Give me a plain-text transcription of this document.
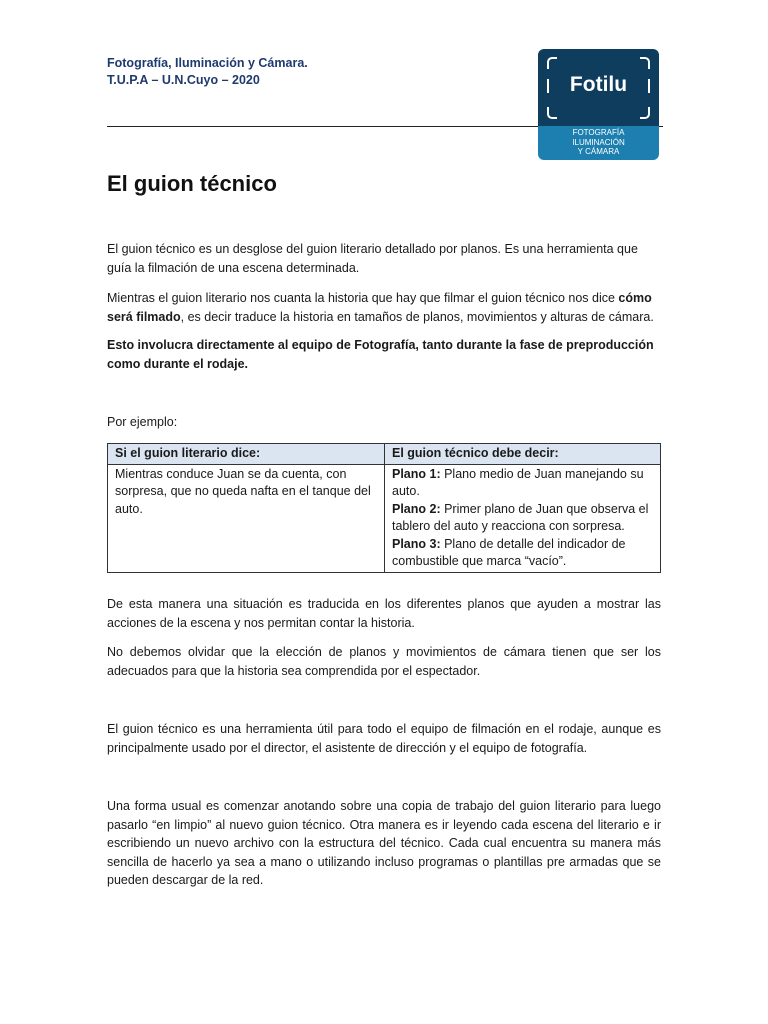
Fotografía, Iluminación y Cámara.
T.U.P.A – U.N.Cuyo – 2020	Fotilu
FOTOGRAFÍA
ILUMINACIÓN
Y CÁMARA
El guion técnico

El guion técnico es un desglose del guion literario detallado por planos. Es una herramienta que guía la filmación de una escena determinada.

Mientras el guion literario nos cuanta la historia que hay que filmar el guion técnico nos dice cómo será filmado, es decir traduce la historia en tamaños de planos, movimientos y alturas de cámara.

Esto involucra directamente al equipo de Fotografía, tanto durante la fase de preproducción como durante el rodaje.

Por ejemplo:

Si el guion literario dice:	El guion técnico debe decir:
Mientras conduce Juan se da cuenta, con sorpresa, que no queda nafta en el tanque del auto.	Plano 1: Plano medio de Juan manejando su auto.
Plano 2: Primer plano de Juan que observa el tablero del auto y reacciona con sorpresa.
Plano 3: Plano de detalle del indicador de combustible que marca “vacío”.

De esta manera una situación es traducida en los diferentes planos que ayuden a mostrar las acciones de la escena y nos permitan contar la historia.

No debemos olvidar que la elección de planos y movimientos de cámara tienen que ser los adecuados para que la historia sea comprendida por el espectador.

El guion técnico es una herramienta útil para todo el equipo de filmación en el rodaje, aunque es principalmente usado por el director, el asistente de dirección y el equipo de fotografía.

Una forma usual es comenzar anotando sobre una copia de trabajo del guion literario para luego pasarlo “en limpio” al nuevo guion técnico. Otra manera es ir leyendo cada escena del literario e ir escribiendo un nuevo archivo con la estructura del técnico. Cada cual encuentra su manera más sencilla de hacerlo ya sea a mano o utilizando incluso programas o plantillas pre armadas que se pueden descargar de la red.
